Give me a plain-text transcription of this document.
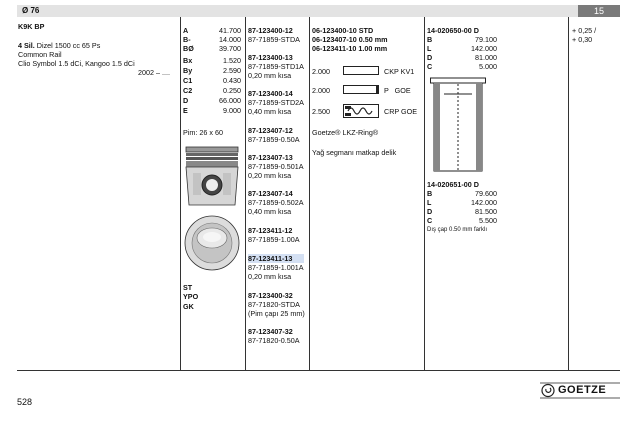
Ø 76	15
K9K BP
4 Sil. Dizel 1500 cc 65 Ps
Common Rail
Clio Symbol 1.5 dCi, Kangoo 1.5 dCi
2002 – ....
A	41.700
B-	14.000
BØ	39.700
Bx	1.520
By	2.590
C1	0.430
C2	0.250
D	66.000
E	9.000
Pim: 26 x 60
ST
YPO
GK
87-123400-12
87-71859-STDA
87-123400-13
87-71859-STD1A
0,20 mm kısa
87-123400-14
87-71859-STD2A
0,40 mm kısa
87-123407-12
87-71859-0.50A
87-123407-13
87-71859-0.501A
0,20 mm kısa
87-123407-14
87-71859-0.502A
0,40 mm kısa
87-123411-12
87-71859-1.00A
87-123411-13
87-71859-1.001A
0,20 mm kısa
87-123400-32
87-71820-STDA
(Pim çapı 25 mm)
87-123407-32
87-71820-0.50A
06-123400-10 STD
06-123407-10 0.50 mm
06-123411-10 1.00 mm
2.000	CKP KV1
2.000	P   GOE
2.500	CRP GOE
Goetze® LKZ-Ring®
Yağ segmanı matkap delik
14-020650-00 D
B	79.100
L	142.000
D	81.000
C	5.000
14-020651-00 D
B	79.600
L	142.000
D	81.500
C	5.500
Dış çap 0.50 mm farklı
+ 0,25 /
+ 0,30
528
GOETZE
